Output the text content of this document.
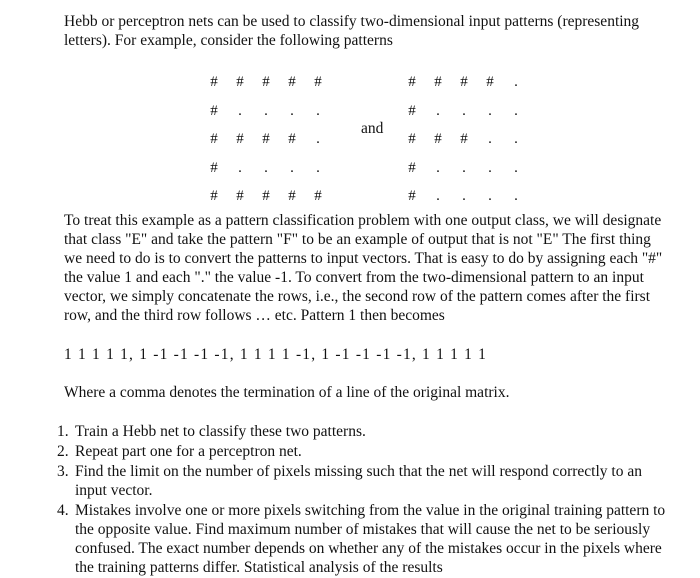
Hebb or perceptron nets can be used to classify two-dimensional input patterns (representing letters). For example, consider the following patterns
#	#	#	#	#
#	.	.	.	.
#	#	#	#	.
#	.	.	.	.
#	#	#	#	#
and
#	#	#	#	.
#	.	.	.	.
#	#	#	.	.
#	.	.	.	.
#	.	.	.	.
To treat this example as a pattern classification problem with one output class, we will designate that class "E" and take the pattern "F" to be an example of output that is not "E" The first thing we need to do is to convert the patterns to input vectors. That is easy to do by assigning each "#" the value 1 and each "." the value -1. To convert from the two-dimensional pattern to an input vector, we simply concatenate the rows, i.e., the second row of the pattern comes after the first row, and the third row follows … etc. Pattern 1 then becomes
1 1 1 1 1, 1 -1 -1 -1 -1, 1 1 1 1 -1, 1 -1 -1 -1 -1, 1 1 1 1 1
Where a comma denotes the termination of a line of the original matrix.
1. Train a Hebb net to classify these two patterns.
2. Repeat part one for a perceptron net.
3. Find the limit on the number of pixels missing such that the net will respond correctly to an input vector.
4. Mistakes involve one or more pixels switching from the value in the original training pattern to the opposite value. Find maximum number of mistakes that will cause the net to be seriously confused. The exact number depends on whether any of the mistakes occur in the pixels where the training patterns differ. Statistical analysis of the results
